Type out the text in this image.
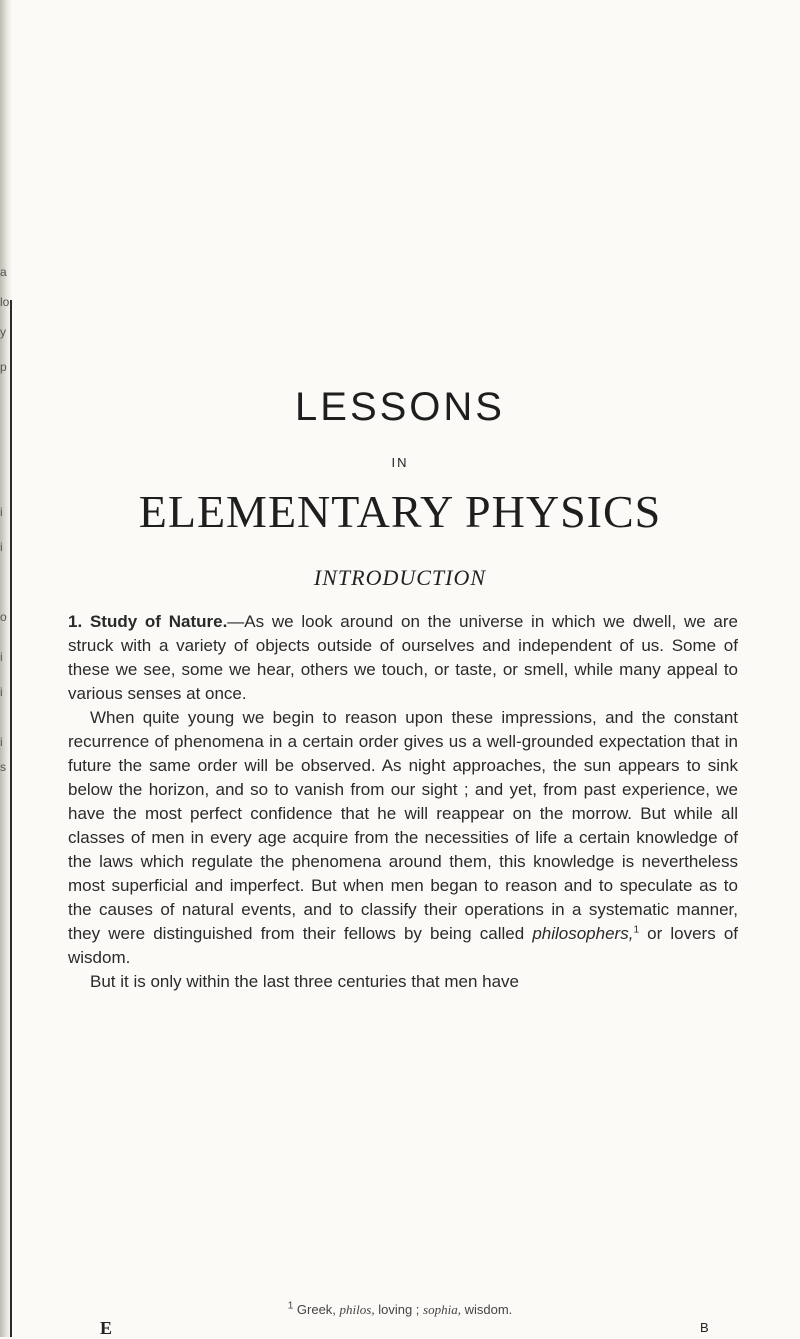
a
lo
y
p
i
i
o
i
i
i
s
LESSONS
IN
ELEMENTARY PHYSICS
INTRODUCTION

1. Study of Nature.—As we look around on the universe in which we dwell, we are struck with a variety of objects outside of ourselves and independent of us. Some of these we see, some we hear, others we touch, or taste, or smell, while many appeal to various senses at once.

When quite young we begin to reason upon these impressions, and the constant recurrence of phenomena in a certain order gives us a well-grounded expectation that in future the same order will be observed. As night approaches, the sun appears to sink below the horizon, and so to vanish from our sight ; and yet, from past experience, we have the most perfect confidence that he will reappear on the morrow. But while all classes of men in every age acquire from the necessities of life a certain knowledge of the laws which regulate the phenomena around them, this knowledge is nevertheless most superficial and imperfect. But when men began to reason and to speculate as to the causes of natural events, and to classify their operations in a systematic manner, they were distinguished from their fellows by being called philosophers,$^1$ or lovers of wisdom.

But it is only within the last three centuries that men have

$^1$ Greek, philos, loving ; sophia, wisdom.
E	B
